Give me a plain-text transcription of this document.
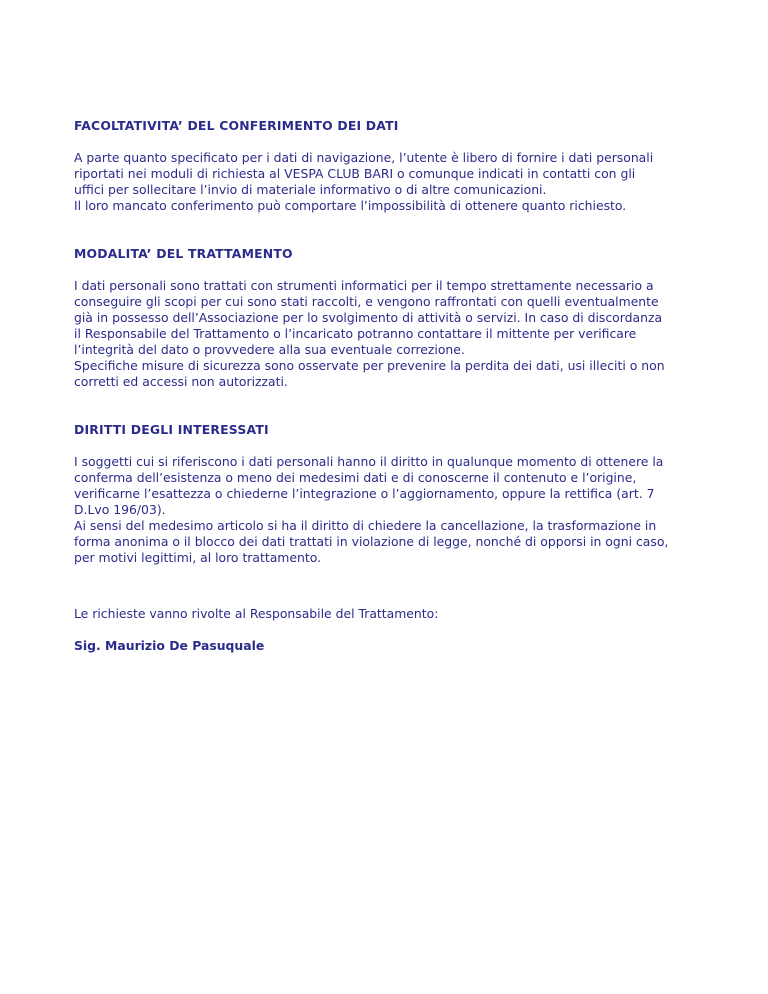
FACOLTATIVITA’ DEL CONFERIMENTO DEI DATI

A parte quanto specificato per i dati di navigazione, l’utente è libero di fornire i dati personali
riportati nei moduli di richiesta al VESPA CLUB BARI o comunque indicati in contatti con gli
uffici per sollecitare l’invio di materiale informativo o di altre comunicazioni.
Il loro mancato conferimento può comportare l’impossibilità di ottenere quanto richiesto.

MODALITA’ DEL TRATTAMENTO

I dati personali sono trattati con strumenti informatici per il tempo strettamente necessario a
conseguire gli scopi per cui sono stati raccolti, e vengono raffrontati con quelli eventualmente
già in possesso dell’Associazione per lo svolgimento di attività o servizi. In caso di discordanza
il Responsabile del Trattamento o l’incaricato potranno contattare il mittente per verificare
l’integrità del dato o provvedere alla sua eventuale correzione.
Specifiche misure di sicurezza sono osservate per prevenire la perdita dei dati, usi illeciti o non
corretti ed accessi non autorizzati.

DIRITTI DEGLI INTERESSATI

I soggetti cui si riferiscono i dati personali hanno il diritto in qualunque momento di ottenere la
conferma dell’esistenza o meno dei medesimi dati e di conoscerne il contenuto e l’origine,
verificarne l’esattezza o chiederne l’integrazione o l’aggiornamento, oppure la rettifica (art. 7
D.Lvo 196/03).
Ai sensi del medesimo articolo si ha il diritto di chiedere la cancellazione, la trasformazione in
forma anonima o il blocco dei dati trattati in violazione di legge, nonché di opporsi in ogni caso,
per motivi legittimi, al loro trattamento.

Le richieste vanno rivolte al Responsabile del Trattamento:

Sig. Maurizio De Pasuquale
